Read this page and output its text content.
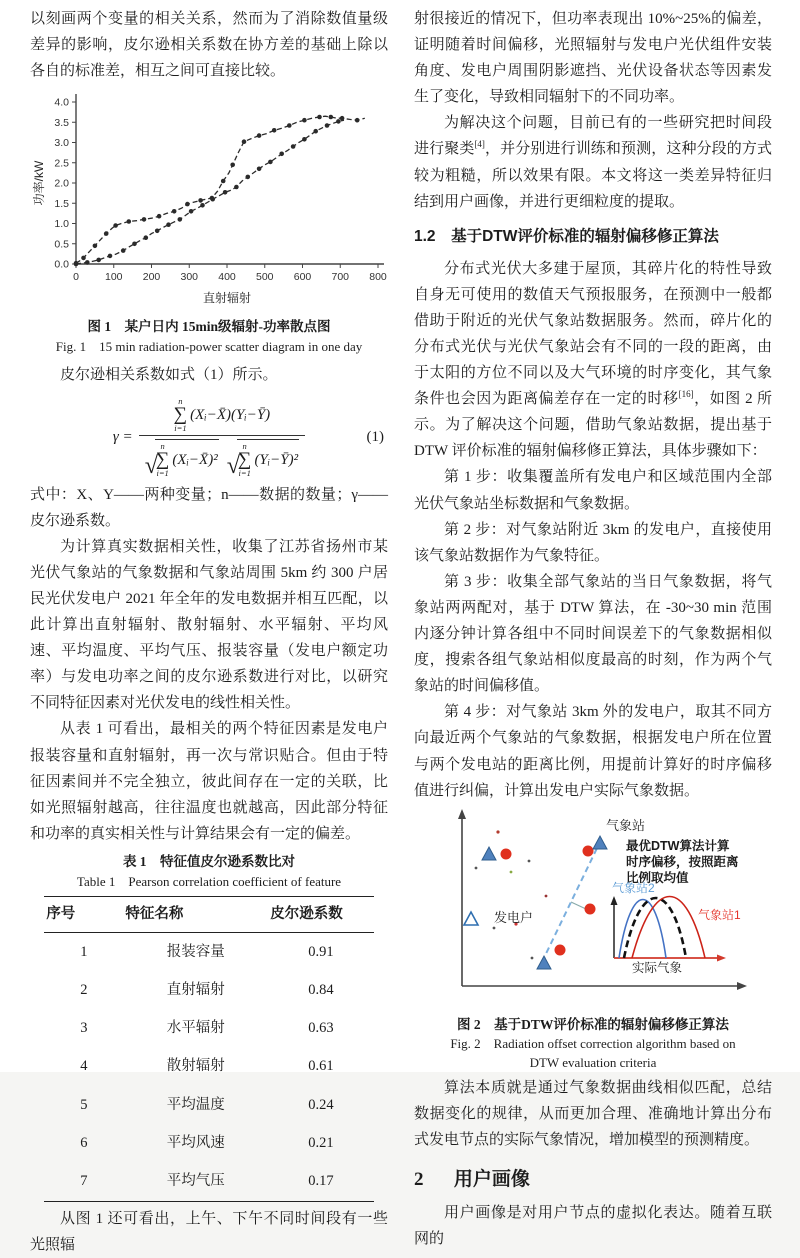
以刻画两个变量的相关关系，然而为了消除数值量级差异的影响，皮尔逊相关系数在协方差的基础上除以各自的标准差，相互之间可直接比较。

0 100 200 300 400 500 600 700 800
0.0
0.5
1.0
1.5
2.0
2.5
3.0
3.5
4.0
直射辐射
功率/kW
图 1　某户日内 15min级辐射-功率散点图
Fig. 1　15 min radiation-power scatter diagram in one day

皮尔逊相关系数如式（1）所示。

γ =
n
∑
i=1
(Xᵢ−X̄)(Yᵢ−Ȳ)
√
n
∑
i=1
(Xᵢ−X̄)² √
n
∑
i=1
(Yᵢ−Ȳ)²
(1)

式中：X、Y——两种变量；n——数据的数量；γ——皮尔逊系数。

为计算真实数据相关性，收集了江苏省扬州市某光伏气象站的气象数据和气象站周围 5km 约 300 户居民光伏发电户 2021 年全年的发电数据并相互匹配，以此计算出直射辐射、散射辐射、水平辐射、平均风速、平均温度、平均气压、报装容量（发电户额定功率）与发电功率之间的皮尔逊系数进行对比，以研究不同特征因素对光伏发电的线性相关性。

从表 1 可看出，最相关的两个特征因素是发电户报装容量和直射辐射，再一次与常识贴合。但由于特征因素间并不完全独立，彼此间存在一定的关联，比如光照辐射越高，往往温度也就越高，因此部分特征和功率的真实相关性与计算结果会有一定的偏差。

表 1　特征值皮尔逊系数比对
Table 1　Pearson correlation coefficient of feature
序号	特征名称	皮尔逊系数
1	报装容量	0.91
2	直射辐射	0.84
3	水平辐射	0.63
4	散射辐射	0.61
5	平均温度	0.24
6	平均风速	0.21
7	平均气压	0.17

从图 1 还可看出，上午、下午不同时间段有一些光照辐

射很接近的情况下，但功率表现出 10%~25%的偏差，证明随着时间偏移，光照辐射与发电户光伏组件安装角度、发电户周围阴影遮挡、光伏设备状态等因素发生了变化，导致相同辐射下的不同功率。

为解决这个问题，目前已有的一些研究把时间段进行聚类[4]，并分别进行训练和预测，这种分段的方式较为粗糙，所以效果有限。本文将这一类差异特征归结到用户画像，并进行更细粒度的提取。

1.2　 基于DTW评价标准的辐射偏移修正算法

分布式光伏大多建于屋顶，其碎片化的特性导致自身无可使用的数值天气预报服务，在预测中一般都借助于附近的光伏气象站数据服务。然而，碎片化的分布式光伏与光伏气象站会有不同的一段的距离，由于太阳的方位不同以及大气环境的时序变化，其气象条件也会因为距离偏差存在一定的时移[16]，如图 2 所示。为了解决这个问题，借助气象站数据，提出基于DTW 评价标准的辐射偏移修正算法，具体步骤如下：

第 1 步：收集覆盖所有发电户和区域范围内全部光伏气象站坐标数据和气象数据。

第 2 步：对气象站附近 3km 的发电户，直接使用该气象站数据作为气象特征。

第 3 步：收集全部气象站的当日气象数据，将气象站两两配对，基于 DTW 算法，在 -30~30 min 范围内逐分钟计算各组中不同时间误差下的气象数据相似度，搜索各组气象站相似度最高的时刻，作为两个气象站的时间偏移值。

第 4 步：对气象站 3km 外的发电户，取其不同方向最近两个气象站的气象数据，根据发电户所在位置与两个发电站的距离比例，用提前计算好的时序偏移值进行纠偏，计算出发电户实际气象数据。

气象站
发电户
最优DTW算法计算
时序偏移，按照距离
比例取均值
气象站2
气象站1
实际气象
图 2　基于DTW评价标准的辐射偏移修正算法
Fig. 2　Radiation offset correction algorithm based on
DTW evaluation criteria

算法本质就是通过气象数据曲线相似匹配，总结数据变化的规律，从而更加合理、准确地计算出分布式发电节点的实际气象情况，增加模型的预测精度。

2 用户画像

用户画像是对用户节点的虚拟化表达。随着互联网的
